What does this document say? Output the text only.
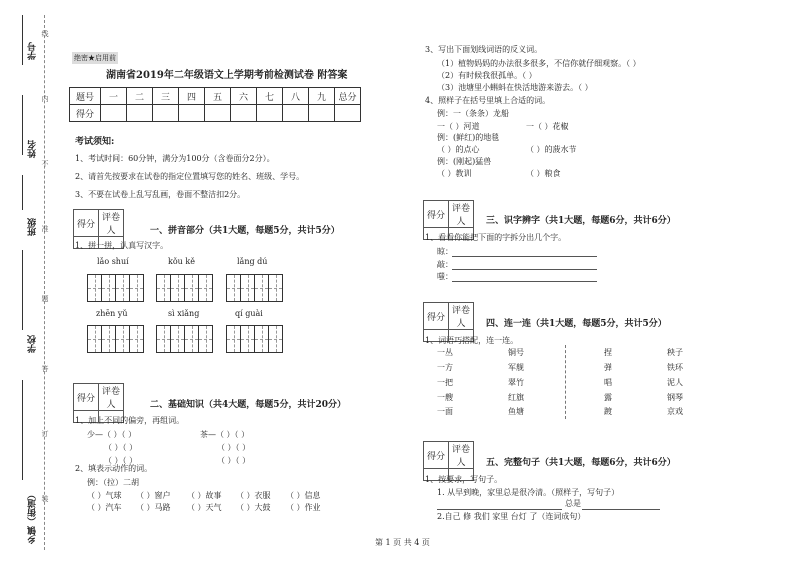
学号
姓名
班级
学校
乡镇（街道）
线
内
不
准
题
答
订
装
绝密★启用前
湖南省2019年二年级语文上学期考前检测试卷 附答案
题号	一	二	三	四	五	六	七	八	九	总分
得分										
考试须知:
1、考试时间：60分钟，满分为100分（含卷面分2分）。
2、请首先按要求在试卷的指定位置填写您的姓名、班级、学号。
3、不要在试卷上乱写乱画，卷面不整洁扣2分。
得分	评卷人
		一、拼音部分（共1大题，每题5分，共计5分）
1、拼一拼，认真写汉字。
lǎo shuí	kǒu kě	lǎng dú
zhēn yǔ	sì xiǎng	qí guài
得分	评卷人
		二、基础知识（共4大题，每题5分，共计20分）
1、加上不同的偏旁，再组词。
少—（ ）（ ）	茶—（ ）（ ）
（ ）（ ）	（ ）（ ）
（ ）（ ）	（ ）（ ）
2、填表示动作的词。
例：（拉）二胡
（ ）气球 （ ）窗户 （ ）故事 （ ）衣服 （ ）信息
（ ）汽车 （ ）马路 （ ）天气 （ ）大鼓 （ ）作业
3、写出下面划线词语的反义词。
（1）植物妈妈的办法很多很多，不信你就仔细观察。（ ）
（2）有时候我很孤单。（ ）
（3）池塘里小蝌蚪在快活地游来游去。（ ）
4、照样子在括号里填上合适的词。
例：一（条条）龙船
一（ ）河道	一（ ）花椒
例：(鲜红)的地毯
（ ）的点心	（ ）的菠水节
例：(刚起)猛兽
（ ）教训	（ ）粮食
得分	评卷人
	三、识字辨字（共1大题，每题6分，共计6分）
1、看看你能把下面的字拆分出几个字。
晾：
敲：
嗤：
得分	评卷人
	四、连一连（共1大题，每题5分，共计5分）
1、词语巧搭配，连一连。
一丛
一方
一把
一艘
一面
铜号
军舰
翠竹
红旗
鱼塘
捏
弹
唱
露
踱
秧子
铁环
泥人
钢琴
京戏
得分	评卷人
	五、完整句子（共1大题，每题6分，共计6分）
1、按要求，写句子。
1. 从早到晚，家里总是很冷清。（照样子，写句子）
总是
2.自己 修 我们 家里 台灯 了（连词成句）
第 1 页 共 4 页
